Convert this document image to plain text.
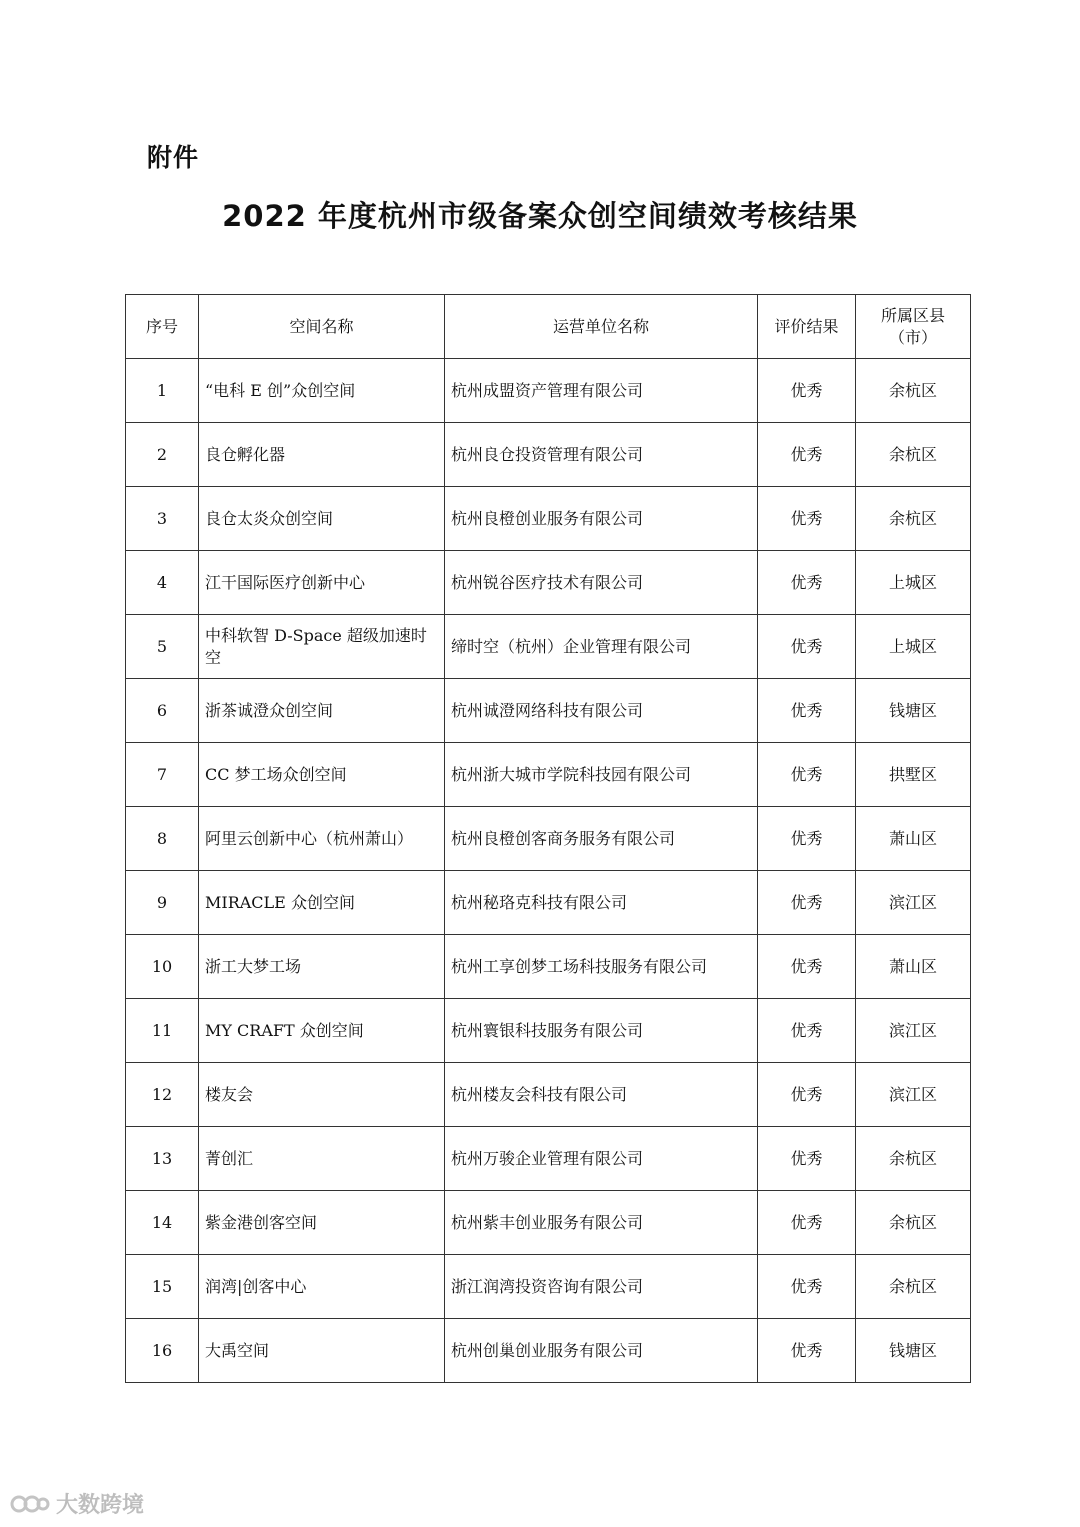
附件
2022 年度杭州市级备案众创空间绩效考核结果
序号	空间名称	运营单位名称	评价结果	所属区县
（市）

1	“电科 E 创”众创空间	杭州成盟资产管理有限公司	优秀	余杭区
2	良仓孵化器	杭州良仓投资管理有限公司	优秀	余杭区
3	良仓太炎众创空间	杭州良橙创业服务有限公司	优秀	余杭区
4	江干国际医疗创新中心	杭州锐谷医疗技术有限公司	优秀	上城区
5	中科软智 D-Space 超级加速时空	缔时空（杭州）企业管理有限公司	优秀	上城区
6	浙茶诚澄众创空间	杭州诚澄网络科技有限公司	优秀	钱塘区
7	CC 梦工场众创空间	杭州浙大城市学院科技园有限公司	优秀	拱墅区
8	阿里云创新中心（杭州萧山）	杭州良橙创客商务服务有限公司	优秀	萧山区
9	MIRACLE 众创空间	杭州秘珞克科技有限公司	优秀	滨江区
10	浙工大梦工场	杭州工享创梦工场科技服务有限公司	优秀	萧山区
11	MY CRAFT 众创空间	杭州寰银科技服务有限公司	优秀	滨江区
12	楼友会	杭州楼友会科技有限公司	优秀	滨江区
13	菁创汇	杭州万骏企业管理有限公司	优秀	余杭区
14	紫金港创客空间	杭州紫丰创业服务有限公司	优秀	余杭区
15	润湾|创客中心	浙江润湾投资咨询有限公司	优秀	余杭区
16	大禹空间	杭州创巢创业服务有限公司	优秀	钱塘区
大数跨境
